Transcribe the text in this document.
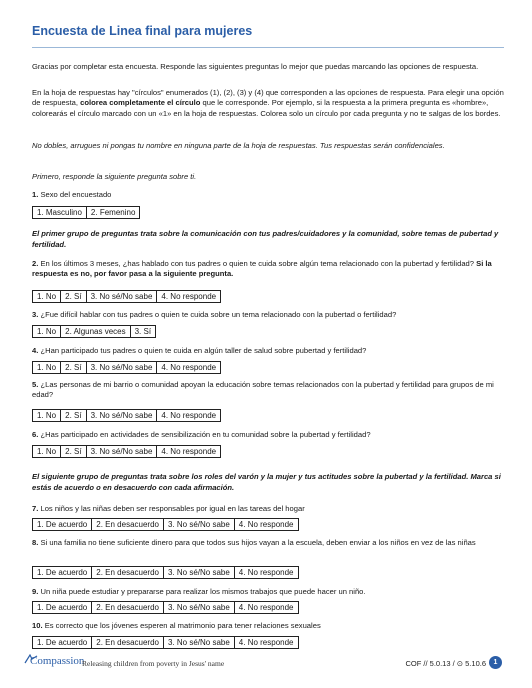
Encuesta de Linea final para mujeres
Gracias por completar esta encuesta. Responde las siguientes preguntas lo mejor que puedas marcando las opciones de respuesta.
En la hoja de respuestas hay "círculos" enumerados (1), (2), (3) y (4) que corresponden a las opciones de respuesta. Para elegir una opción de respuesta, colorea completamente el círculo que le corresponde. Por ejemplo, si la respuesta a la primera pregunta es «hombre», colorearás el círculo marcado con un «1» en la hoja de respuestas. Colorea solo un círculo por cada pregunta y no te salgas de los bordes.
No dobles, arrugues ni pongas tu nombre en ninguna parte de la hoja de respuestas. Tus respuestas serán confidenciales.
Primero, responde la siguiente pregunta sobre ti.
1. Sexo del encuestado
1. Masculino	2. Femenino
El primer grupo de preguntas trata sobre la comunicación con tus padres/cuidadores y la comunidad, sobre temas de pubertad y fertilidad.
2. En los últimos 3 meses, ¿has hablado con tus padres o quien te cuida sobre algún tema relacionado con la pubertad y fertilidad? Si la respuesta es no, por favor pasa a la siguiente pregunta.
1. No	2. Sí	3. No sé/No sabe	4. No responde
3. ¿Fue difícil hablar con tus padres o quien te cuida sobre un tema relacionado con la pubertad o fertilidad?
1. No	2. Algunas veces	3. Sí
4. ¿Han participado tus padres o quien te cuida en algún taller de salud sobre pubertad y fertilidad?
1. No	2. Sí	3. No sé/No sabe	4. No responde
5. ¿Las personas de mi barrio o comunidad apoyan la educación sobre temas relacionados con la pubertad y fertilidad para grupos de mi edad?
1. No	2. Sí	3. No sé/No sabe	4. No responde
6. ¿Has participado en actividades de sensibilización en tu comunidad sobre la pubertad y fertilidad?
1. No	2. Sí	3. No sé/No sabe	4. No responde
El siguiente grupo de preguntas trata sobre los roles del varón y la mujer y tus actitudes sobre la pubertad y la fertilidad. Marca si estás de acuerdo o en desacuerdo con cada afirmación.
7. Los niños y las niñas deben ser responsables por igual en las tareas del hogar
1. De acuerdo	2. En desacuerdo	3. No sé/No sabe	4. No responde
8. Si una familia no tiene suficiente dinero para que todos sus hijos vayan a la escuela, deben enviar a los niños en vez de las niñas
1. De acuerdo	2. En desacuerdo	3. No sé/No sabe	4. No responde
9. Un niña puede estudiar y prepararse para realizar los mismos trabajos que puede hacer un niño.
1. De acuerdo	2. En desacuerdo	3. No sé/No sabe	4. No responde
10. Es correcto que los jóvenes esperen al matrimonio para tener relaciones sexuales
1. De acuerdo	2. En desacuerdo	3. No sé/No sabe	4. No responde
Compassion
Releasing children from poverty in Jesus' name	COF // 5.0.13 / ⊙ 5.10.6	1
